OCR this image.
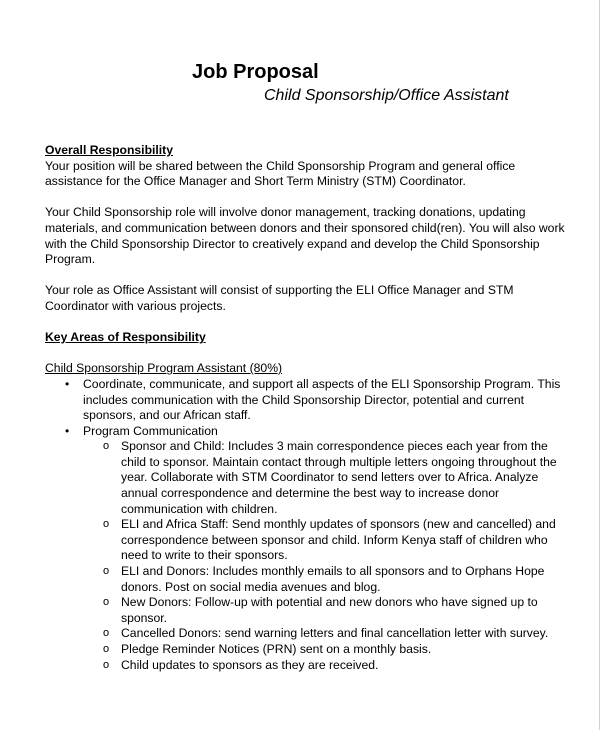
Job Proposal
Child Sponsorship/Office Assistant

Overall Responsibility

Your position will be shared between the Child Sponsorship Program and general office assistance for the Office Manager and Short Term Ministry (STM) Coordinator.

Your Child Sponsorship role will involve donor management, tracking donations, updating materials, and communication between donors and their sponsored child(ren). You will also work with the Child Sponsorship Director to creatively expand and develop the Child Sponsorship Program.

Your role as Office Assistant will consist of supporting the ELI Office Manager and STM Coordinator with various projects.

Key Areas of Responsibility

Child Sponsorship Program Assistant (80%)

• Coordinate, communicate, and support all aspects of the ELI Sponsorship Program. This includes communication with the Child Sponsorship Director, potential and current sponsors, and our African staff.
• Program Communication
o Sponsor and Child: Includes 3 main correspondence pieces each year from the child to sponsor. Maintain contact through multiple letters ongoing throughout the year. Collaborate with STM Coordinator to send letters over to Africa. Analyze annual correspondence and determine the best way to increase donor communication with children.
o ELI and Africa Staff: Send monthly updates of sponsors (new and cancelled) and correspondence between sponsor and child. Inform Kenya staff of children who need to write to their sponsors.
o ELI and Donors: Includes monthly emails to all sponsors and to Orphans Hope donors. Post on social media avenues and blog.
o New Donors: Follow-up with potential and new donors who have signed up to sponsor.
o Cancelled Donors: send warning letters and final cancellation letter with survey.
o Pledge Reminder Notices (PRN) sent on a monthly basis.
o Child updates to sponsors as they are received.
